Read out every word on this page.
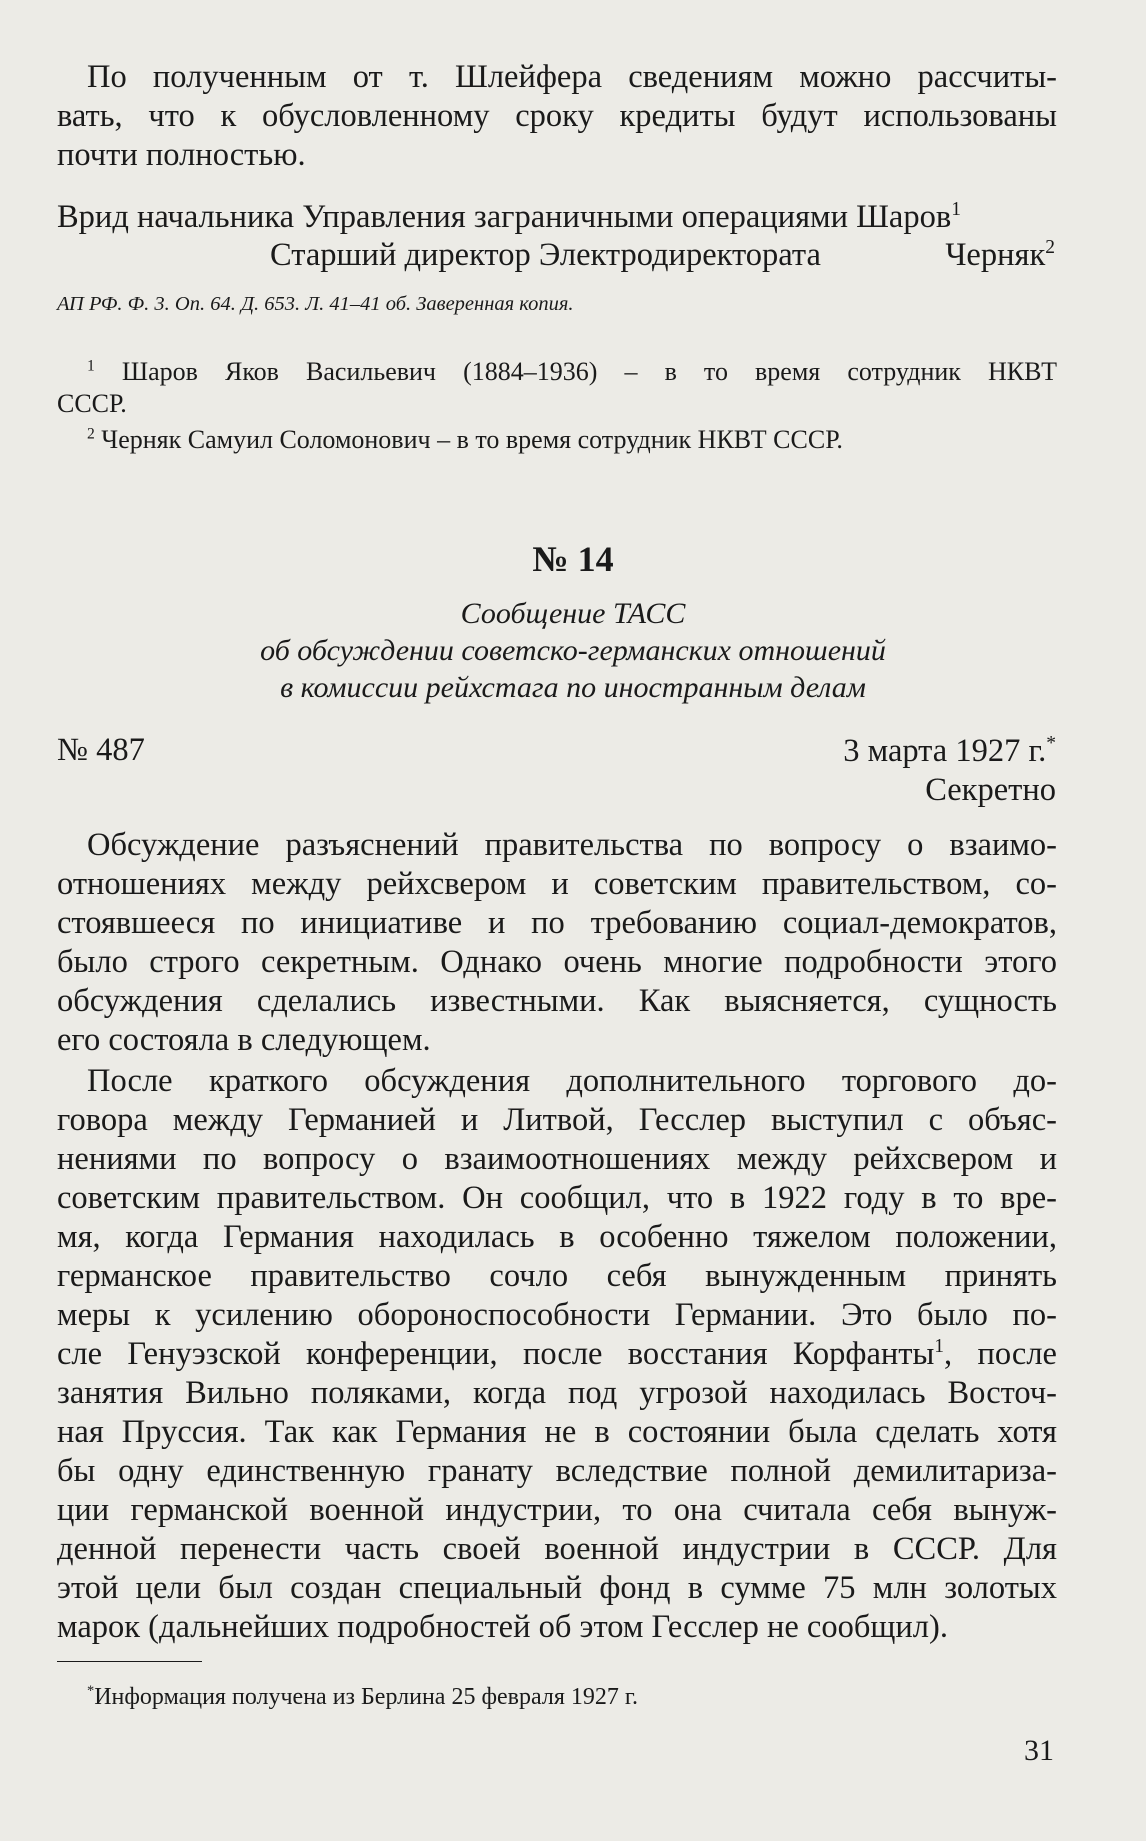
По полученным от т. Шлейфера сведениям можно рассчиты-
вать, что к обусловленному сроку кредиты будут использованы
почти полностью.
Врид начальника Управления заграничными операциями Шаров$^1$
Старший директор Электродиректората	Черняк$^2$
АП РФ. Ф. 3. Оп. 64. Д. 653. Л. 41–41 об. Заверенная копия.
$^1$ Шаров Яков Васильевич (1884–1936) – в то время сотрудник НКВТ
СССР.
$^2$ Черняк Самуил Соломонович – в то время сотрудник НКВТ СССР.
№ 14
Сообщение ТАСС
об обсуждении советско-германских отношений
в комиссии рейхстага по иностранным делам
№ 487	3 марта 1927 г.*
Секретно
Обсуждение разъяснений правительства по вопросу о взаимо-
отношениях между рейхсвером и советским правительством, со-
стоявшееся по инициативе и по требованию социал-демократов,
было строго секретным. Однако очень многие подробности этого
обсуждения сделались известными. Как выясняется, сущность
его состояла в следующем.
После краткого обсуждения дополнительного торгового до-
говора между Германией и Литвой, Гесслер выступил с объяс-
нениями по вопросу о взаимоотношениях между рейхсвером и
советским правительством. Он сообщил, что в 1922 году в то вре-
мя, когда Германия находилась в особенно тяжелом положении,
германское правительство сочло себя вынужденным принять
меры к усилению обороноспособности Германии. Это было по-
сле Генуэзской конференции, после восстания Корфанты$^1$, после
занятия Вильно поляками, когда под угрозой находилась Восточ-
ная Пруссия. Так как Германия не в состоянии была сделать хотя
бы одну единственную гранату вследствие полной демилитариза-
ции германской военной индустрии, то она считала себя вынуж-
денной перенести часть своей военной индустрии в СССР. Для
этой цели был создан специальный фонд в сумме 75 млн золотых
марок (дальнейших подробностей об этом Гесслер не сообщил).
*Информация получена из Берлина 25 февраля 1927 г.
31
